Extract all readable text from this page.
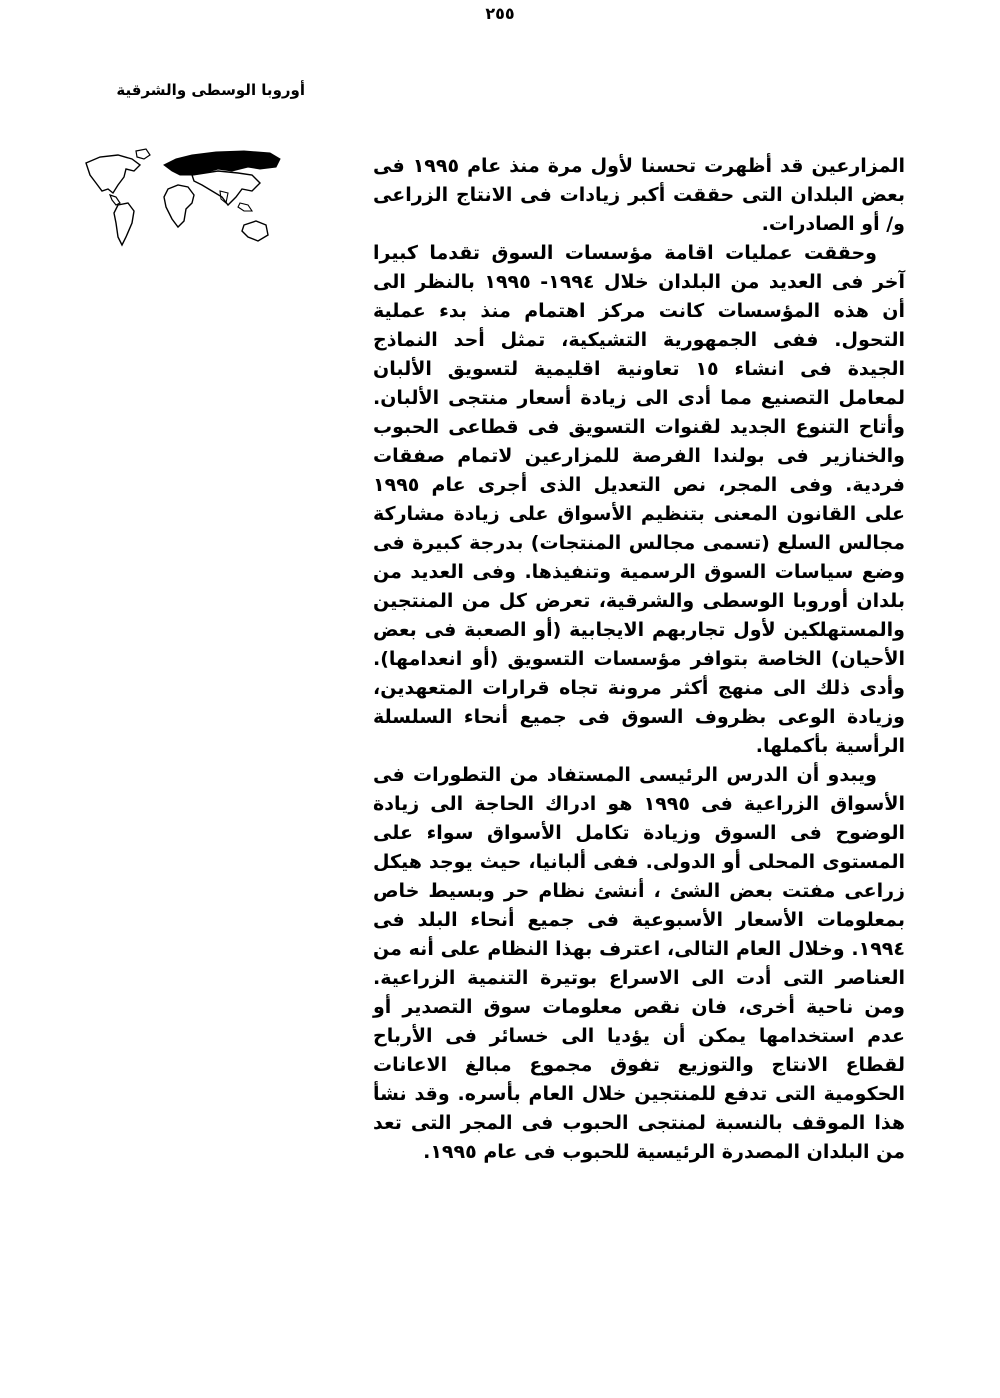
٢٥٥
أوروبا الوسطى والشرقية

المزارعين قد أظهرت تحسنا لأول مرة منذ عام ١٩٩٥ فى بعض البلدان التى حققت أكبر زيادات فى الانتاج الزراعى و/ أو الصادرات.

وحققت عمليات اقامة مؤسسات السوق تقدما كبيرا آخر فى العديد من البلدان خلال ١٩٩٤- ١٩٩٥ بالنظر الى أن هذه المؤسسات كانت مركز اهتمام منذ بدء عملية التحول. ففى الجمهورية التشيكية، تمثل أحد النماذج الجيدة فى انشاء ١٥ تعاونية اقليمية لتسويق الألبان لمعامل التصنيع مما أدى الى زيادة أسعار منتجى الألبان. وأتاح التنوع الجديد لقنوات التسويق فى قطاعى الحبوب والخنازير فى بولندا الفرصة للمزارعين لاتمام صفقات فردية. وفى المجر، نص التعديل الذى أجرى عام ١٩٩٥ على القانون المعنى بتنظيم الأسواق على زيادة مشاركة مجالس السلع (تسمى مجالس المنتجات) بدرجة كبيرة فى وضع سياسات السوق الرسمية وتنفيذها. وفى العديد من بلدان أوروبا الوسطى والشرقية، تعرض كل من المنتجين والمستهلكين لأول تجاربهم الايجابية (أو الصعبة فى بعض الأحيان) الخاصة بتوافر مؤسسات التسويق (أو انعدامها). وأدى ذلك الى منهج أكثر مرونة تجاه قرارات المتعهدين، وزيادة الوعى بظروف السوق فى جميع أنحاء السلسلة الرأسية بأكملها.

ويبدو أن الدرس الرئيسى المستفاد من التطورات فى الأسواق الزراعية فى ١٩٩٥ هو ادراك الحاجة الى زيادة الوضوح فى السوق وزيادة تكامل الأسواق سواء على المستوى المحلى أو الدولى. ففى ألبانيا، حيث يوجد هيكل زراعى مفتت بعض الشئ ، أنشئ نظام حر وبسيط خاص بمعلومات الأسعار الأسبوعية فى جميع أنحاء البلد فى ١٩٩٤. وخلال العام التالى، اعترف بهذا النظام على أنه من العناصر التى أدت الى الاسراع بوتيرة التنمية الزراعية. ومن ناحية أخرى، فان نقص معلومات سوق التصدير أو عدم استخدامها يمكن أن يؤديا الى خسائر فى الأرباح لقطاع الانتاج والتوزيع تفوق مجموع مبالغ الاعانات الحكومية التى تدفع للمنتجين خلال العام بأسره. وقد نشأ هذا الموقف بالنسبة لمنتجى الحبوب فى المجر التى تعد من البلدان المصدرة الرئيسية للحبوب فى عام ١٩٩٥.
